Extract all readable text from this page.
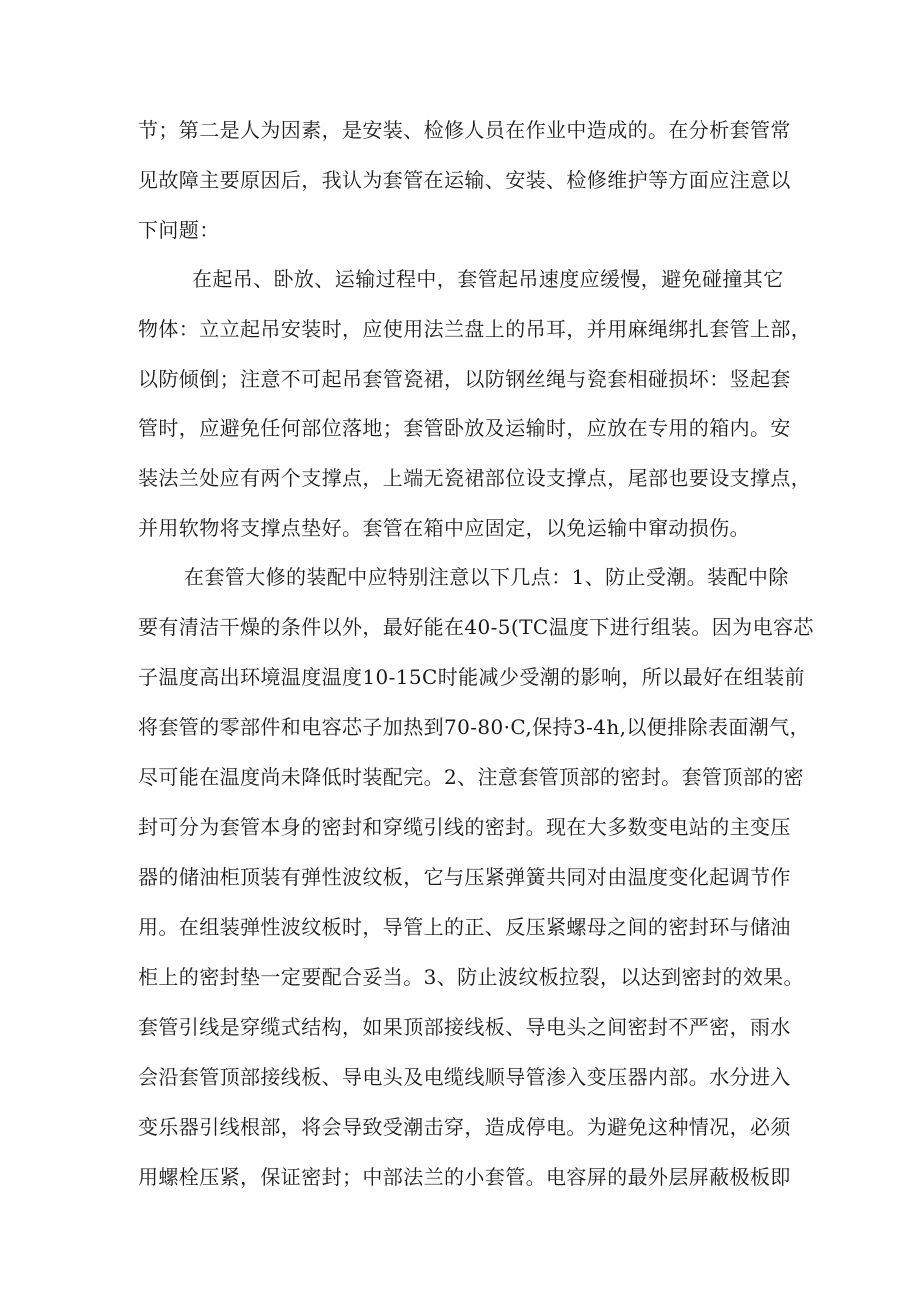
节；第二是人为因素，是安装、检修人员在作业中造成的。在分析套管常
见故障主要原因后，我认为套管在运输、安装、检修维护等方面应注意以
下问题：
在起吊、卧放、运输过程中，套管起吊速度应缓慢，避免碰撞其它
物体：立立起吊安装时，应使用法兰盘上的吊耳，并用麻绳绑扎套管上部，
以防倾倒；注意不可起吊套管瓷裙，以防钢丝绳与瓷套相碰损坏：竖起套
管时，应避免任何部位落地；套管卧放及运输时，应放在专用的箱内。安
装法兰处应有两个支撑点，上端无瓷裙部位设支撑点，尾部也要设支撑点，
并用软物将支撑点垫好。套管在箱中应固定，以免运输中窜动损伤。
在套管大修的装配中应特别注意以下几点：1、防止受潮。装配中除
要有清洁干燥的条件以外，最好能在40-5(TC温度下进行组装。因为电容芯
子温度高出环境温度温度10-15C时能减少受潮的影响，所以最好在组装前
将套管的零部件和电容芯子加热到70-80·C,保持3-4h,以便排除表面潮气，
尽可能在温度尚未降低时装配完。2、注意套管顶部的密封。套管顶部的密
封可分为套管本身的密封和穿缆引线的密封。现在大多数变电站的主变压
器的储油柜顶装有弹性波纹板，它与压紧弹簧共同对由温度变化起调节作
用。在组装弹性波纹板时，导管上的正、反压紧螺母之间的密封环与储油
柜上的密封垫一定要配合妥当。3、防止波纹板拉裂，以达到密封的效果。
套管引线是穿缆式结构，如果顶部接线板、导电头之间密封不严密，雨水
会沿套管顶部接线板、导电头及电缆线顺导管渗入变压器内部。水分进入
变乐器引线根部，将会导致受潮击穿，造成停电。为避免这种情况，必须
用螺栓压紧，保证密封；中部法兰的小套管。电容屏的最外层屏蔽极板即
